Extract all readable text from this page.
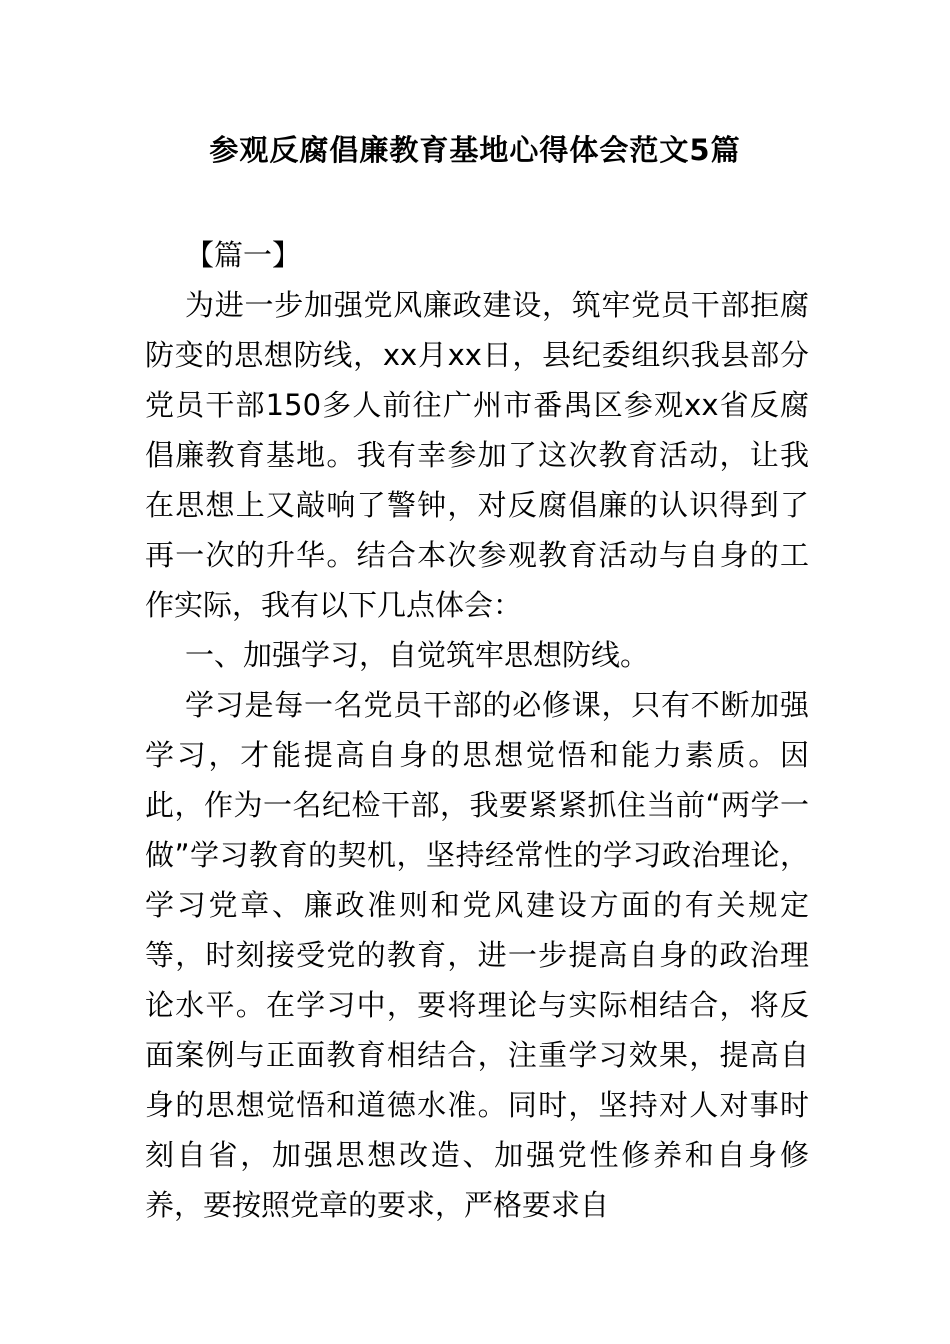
参观反腐倡廉教育基地心得体会范文5篇

【篇一】

为进一步加强党风廉政建设，筑牢党员干部拒腐防变的思想防线，xx月xx日，县纪委组织我县部分党员干部150多人前往广州市番禺区参观xx省反腐倡廉教育基地。我有幸参加了这次教育活动，让我在思想上又敲响了警钟，对反腐倡廉的认识得到了再一次的升华。结合本次参观教育活动与自身的工作实际，我有以下几点体会：

一、加强学习，自觉筑牢思想防线。

学习是每一名党员干部的必修课，只有不断加强学习，才能提高自身的思想觉悟和能力素质。因此，作为一名纪检干部，我要紧紧抓住当前“两学一做”学习教育的契机，坚持经常性的学习政治理论，学习党章、廉政准则和党风建设方面的有关规定等，时刻接受党的教育，进一步提高自身的政治理论水平。在学习中，要将理论与实际相结合，将反面案例与正面教育相结合，注重学习效果，提高自身的思想觉悟和道德水准。同时，坚持对人对事时刻自省，加强思想改造、加强党性修养和自身修养，要按照党章的要求，严格要求自
